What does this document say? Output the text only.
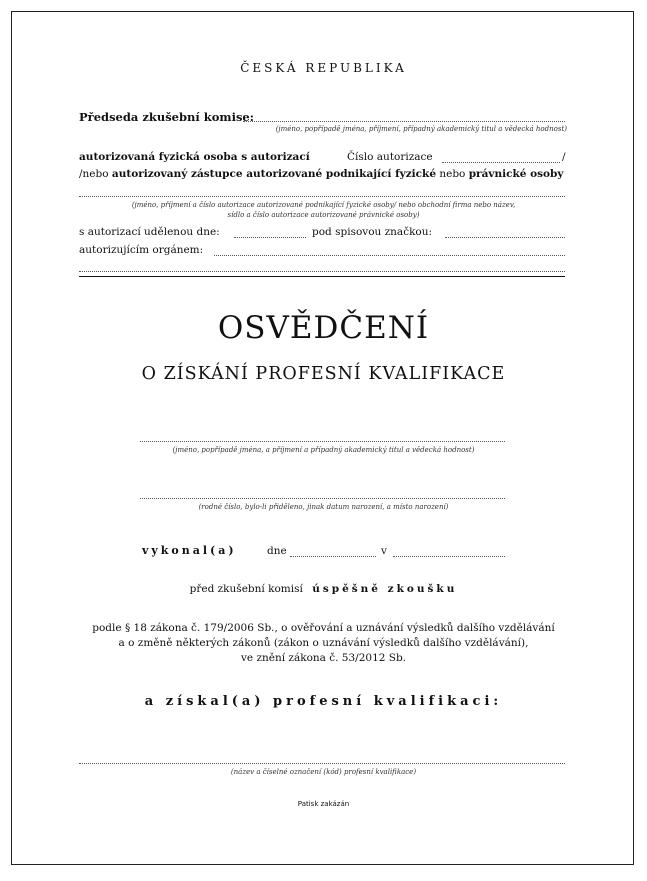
ČESKÁ REPUBLIKA
Předseda zkušební komise:
(jméno, popřípadě jména, příjmení, případný akademický titul a vědecká hodnost)
autorizovaná fyzická osoba s autorizací	Číslo autorizace	/
/nebo autorizovaný zástupce autorizované podnikající fyzické nebo právnické osoby
(jméno, příjmení a číslo autorizace autorizované podnikající fyzické osoby/ nebo obchodní firma nebo název,
sídlo a číslo autorizace autorizované právnické osoby)
s autorizací udělenou dne:	pod spisovou značkou:
autorizujícím orgánem:
OSVĚDČENÍ
O ZÍSKÁNÍ PROFESNÍ KVALIFIKACE
(jméno, popřípadě jména, a příjmení a případný akademický titul a vědecká hodnost)
(rodné číslo, bylo-li přiděleno, jinak datum narození, a místo narození)
vykonal(a)	dne	v
před zkušební komisí úspěšně zkoušku
podle § 18 zákona č. 179/2006 Sb., o ověřování a uznávání výsledků dalšího vzdělávání
a o změně některých zákonů (zákon o uznávání výsledků dalšího vzdělávání),
ve znění zákona č. 53/2012 Sb.
a získal(a) profesní kvalifikaci:
(název a číselné označení (kód) profesní kvalifikace)
Patisk zakázán
